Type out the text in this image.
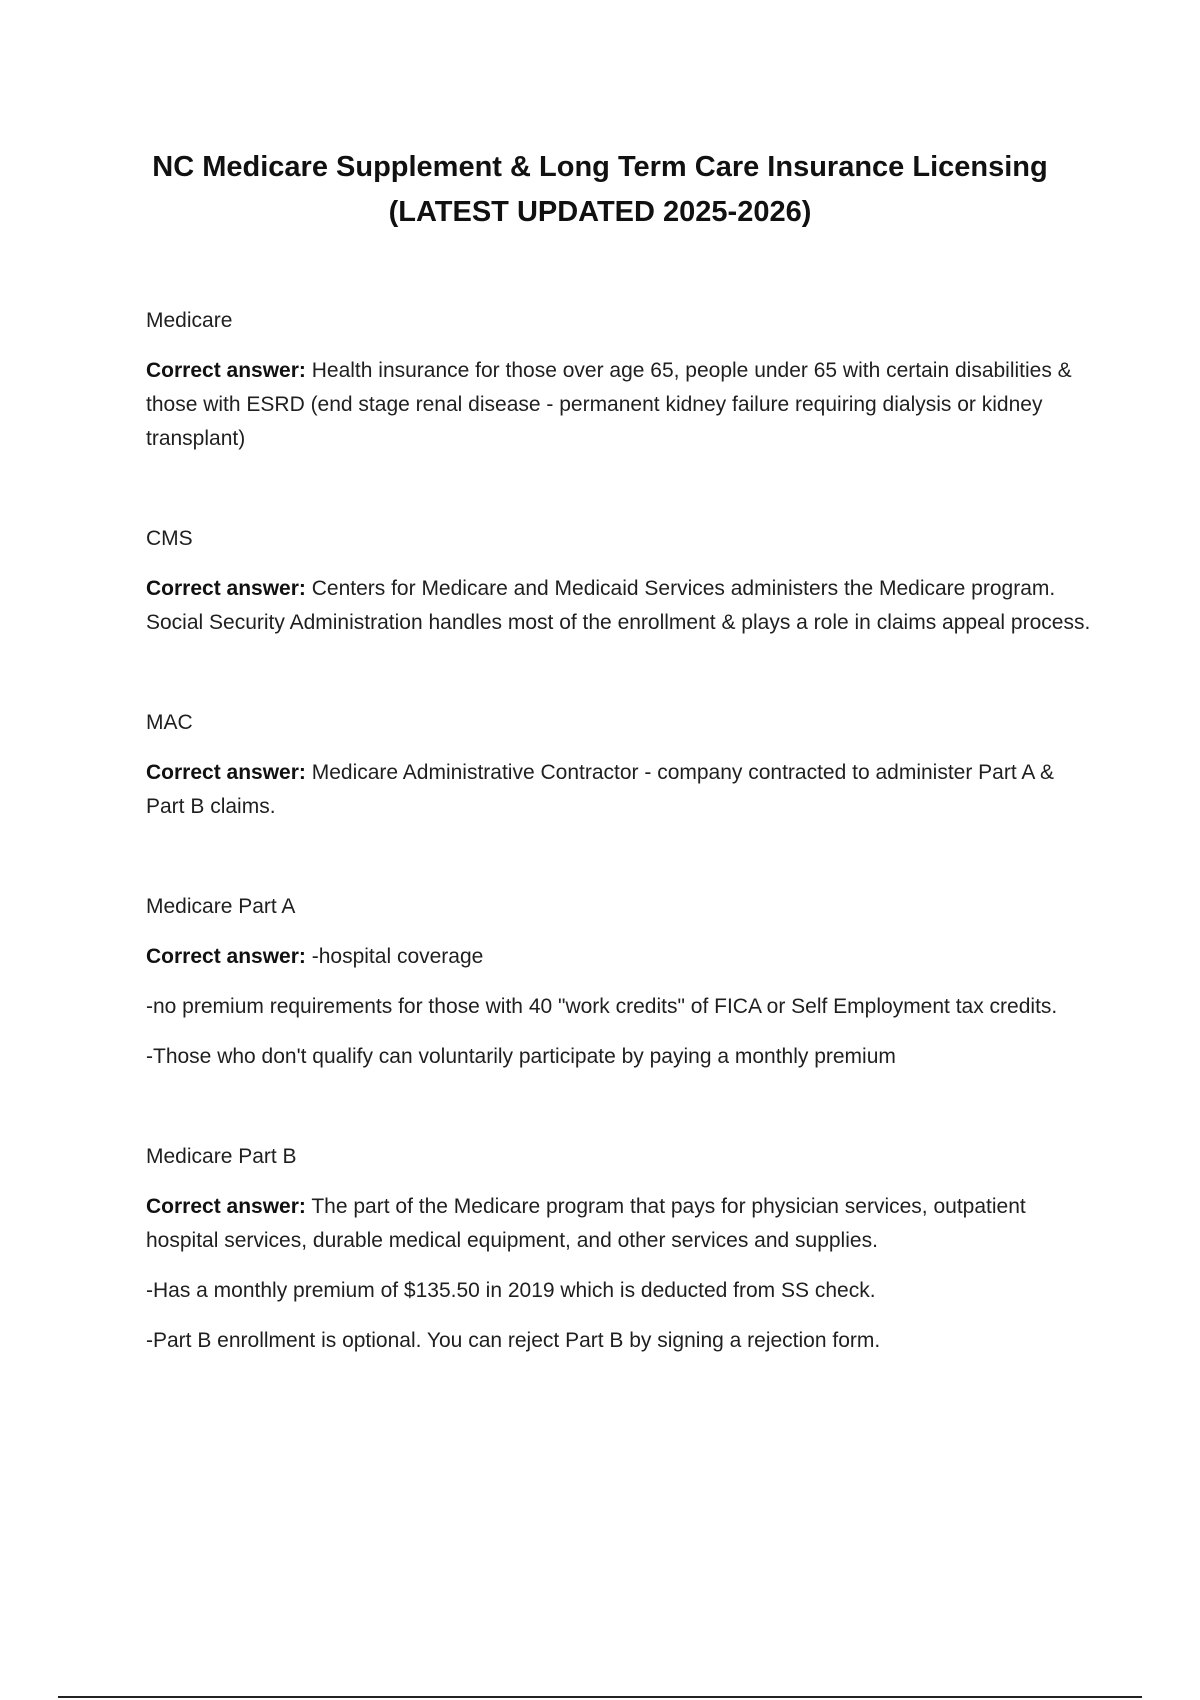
NC Medicare Supplement & Long Term Care Insurance Licensing
(LATEST UPDATED 2025-2026)
Medicare
Correct answer: Health insurance for those over age 65, people under 65 with certain disabilities & those with ESRD (end stage renal disease - permanent kidney failure requiring dialysis or kidney transplant)
CMS
Correct answer: Centers for Medicare and Medicaid Services administers the Medicare program. Social Security Administration handles most of the enrollment & plays a role in claims appeal process.
MAC
Correct answer: Medicare Administrative Contractor - company contracted to administer Part A & Part B claims.
Medicare Part A
Correct answer: -hospital coverage
-no premium requirements for those with 40 "work credits" of FICA or Self Employment tax credits.
-Those who don't qualify can voluntarily participate by paying a monthly premium
Medicare Part B
Correct answer: The part of the Medicare program that pays for physician services, outpatient hospital services, durable medical equipment, and other services and supplies.
-Has a monthly premium of $135.50 in 2019 which is deducted from SS check.
-Part B enrollment is optional. You can reject Part B by signing a rejection form.
